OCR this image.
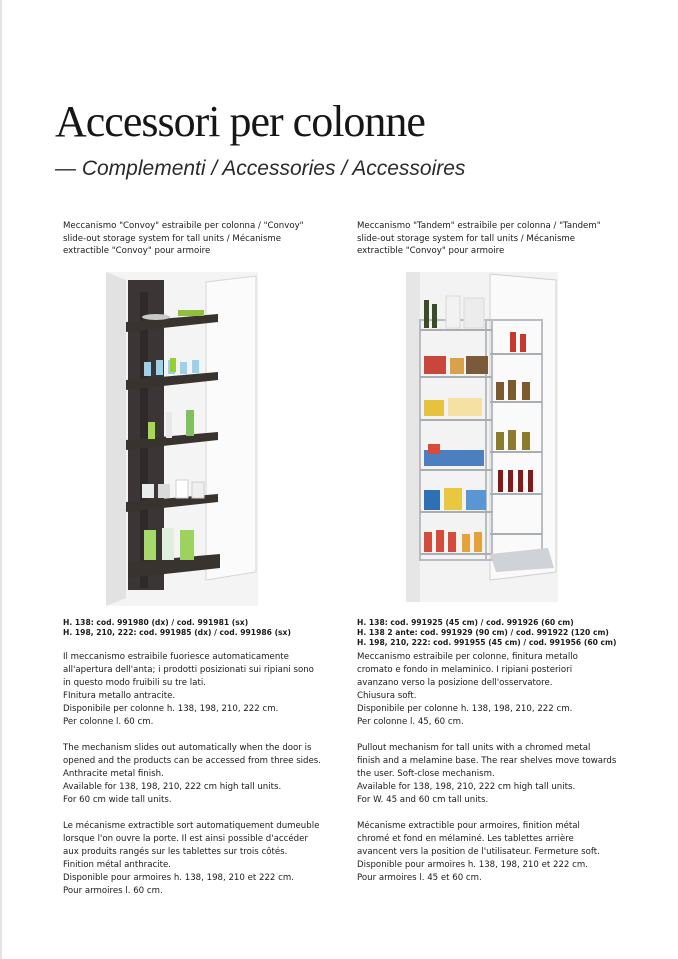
Accessori per colonne

— Complementi / Accessories / Accessoires

Meccanismo "Convoy" estraibile per colonna / "Convoy"
slide-out storage system for tall units / Mécanisme
extractible "Convoy" pour armoire
H. 138: cod. 991980 (dx) / cod. 991981 (sx)
H. 198, 210, 222: cod. 991985 (dx) / cod. 991986 (sx)

Il meccanismo estraibile fuoriesce automaticamente
all'apertura dell'anta; i prodotti posizionati sui ripiani sono
in questo modo fruibili su tre lati.
FInitura metallo antracite.
Disponibile per colonne h. 138, 198, 210, 222 cm.
Per colonne l. 60 cm.

The mechanism slides out automatically when the door is
opened and the products can be accessed from three sides.
Anthracite metal finish.
Available for 138, 198, 210, 222 cm high tall units.
For 60 cm wide tall units.

Le mécanisme extractible sort automatiquement dumeuble
lorsque l'on ouvre la porte. Il est ainsi possible d'accéder
aux produits rangés sur les tablettes sur trois côtés.
Finition métal anthracite.
Disponible pour armoires h. 138, 198, 210 et 222 cm.
Pour armoires l. 60 cm.

Meccanismo "Tandem" estraibile per colonna / "Tandem"
slide-out storage system for tall units / Mécanisme
extractible "Convoy" pour armoire
H. 138: cod. 991925 (45 cm) / cod. 991926 (60 cm)
H. 138 2 ante: cod. 991929 (90 cm) / cod. 991922 (120 cm)
H. 198, 210, 222: cod. 991955 (45 cm) / cod. 991956 (60 cm)

Meccanismo estraibile per colonne, finitura metallo
cromato e fondo in melaminico. I ripiani posteriori
avanzano verso la posizione dell'osservatore.
Chiusura soft.
Disponibile per colonne h. 138, 198, 210, 222 cm.
Per colonne l. 45, 60 cm.

Pullout mechanism for tall units with a chromed metal
finish and a melamine base. The rear shelves move towards
the user. Soft-close mechanism.
Available for 138, 198, 210, 222 cm high tall units.
For W. 45 and 60 cm tall units.

Mécanisme extractible pour armoires, finition métal
chromé et fond en mélaminé. Les tablettes arrière
avancent vers la position de l'utilisateur. Fermeture soft.
Disponible pour armoires h. 138, 198, 210 et 222 cm.
Pour armoires l. 45 et 60 cm.
